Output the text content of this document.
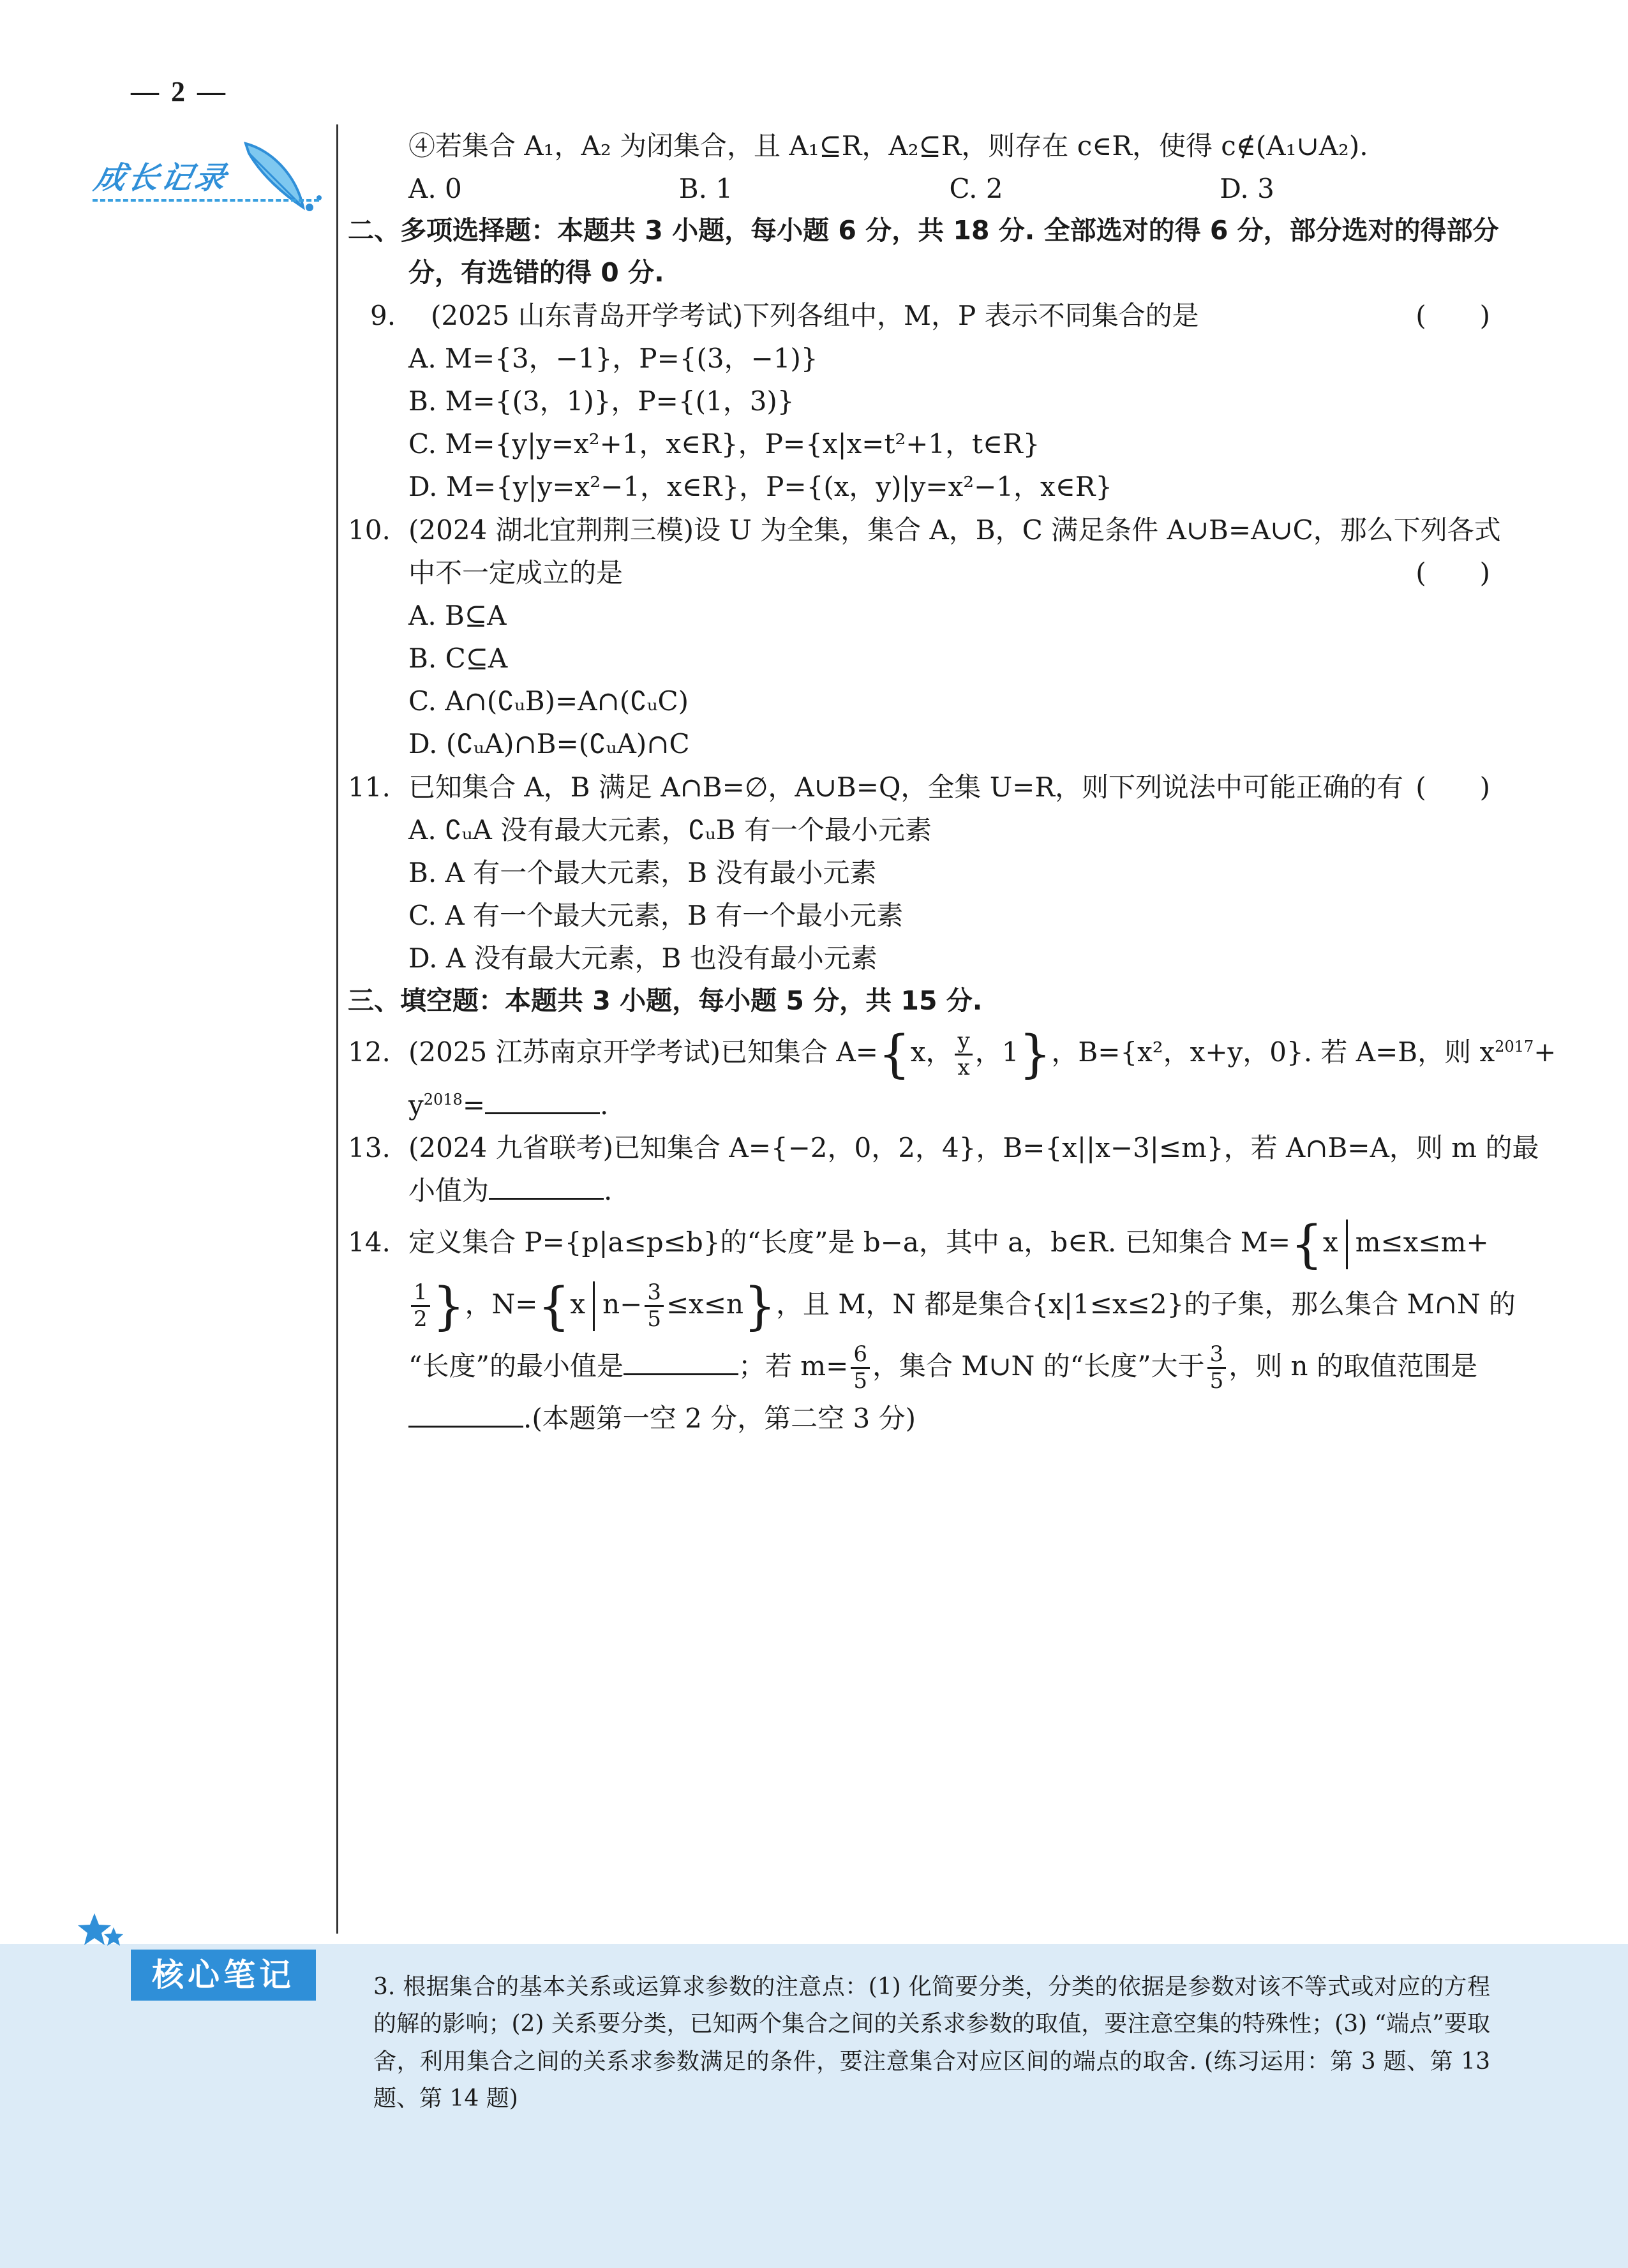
— 2 —
成长记录
④若集合 A₁，A₂ 为闭集合，且 A₁⊆R，A₂⊆R，则存在 c∈R，使得 c∉(A₁∪A₂).
A. 0	B. 1	C. 2	D. 3
二、多项选择题：本题共 3 小题，每小题 6 分，共 18 分. 全部选对的得 6 分，部分选对的得部分
分，有选错的得 0 分.
9. (2025 山东青岛开学考试)下列各组中，M，P 表示不同集合的是	(　　)
A. M={3，−1}，P={(3，−1)}
B. M={(3，1)}，P={(1，3)}
C. M={y|y=x²+1，x∈R}，P={x|x=t²+1，t∈R}
D. M={y|y=x²−1，x∈R}，P={(x，y)|y=x²−1，x∈R}
10. (2024 湖北宜荆荆三模)设 U 为全集，集合 A，B，C 满足条件 A∪B=A∪C，那么下列各式
中不一定成立的是	(　　)
A. B⊆A
B. C⊆A
C. A∩(∁ᵤB)=A∩(∁ᵤC)
D. (∁ᵤA)∩B=(∁ᵤA)∩C
11. 已知集合 A，B 满足 A∩B=∅，A∪B=Q，全集 U=R，则下列说法中可能正确的有 (　　)
A. ∁ᵤA 没有最大元素，∁ᵤB 有一个最小元素
B. A 有一个最大元素，B 没有最小元素
C. A 有一个最大元素，B 有一个最小元素
D. A 没有最大元素，B 也没有最小元素
三、填空题：本题共 3 小题，每小题 5 分，共 15 分.
12. (2025 江苏南京开学考试)已知集合 A={x， $\frac{y}{x}$ ，1}，B={x²，x+y，0}. 若 A=B，则 $x^{2017}+$
$y^{2018}=$	.
13. (2024 九省联考)已知集合 A={−2，0，2，4}，B={x||x−3|≤m}，若 A∩B=A，则 m 的最
小值为	.
14. 定义集合 P={p|a≤p≤b}的“长度”是 b−a，其中 a，b∈R. 已知集合 M={x m≤x≤m+
$\frac{1}{2}$ }，N={x $n- \frac{3}{5} \le x\le n$}，且 M，N 都是集合{x|1≤x≤2}的子集，那么集合 M∩N 的
“长度”的最小值是	；若 $m= \frac{6}{5}$ ，集合 M∪N 的“长度”大于 $\frac{3}{5}$ ，则 n 的取值范围是
.(本题第一空 2 分，第二空 3 分)
核心笔记	3. 根据集合的基本关系或运算求参数的注意点：(1) 化简要分类，分类的依据是参数对该不等式或对应的方程的解的影响；(2) 关系要分类，已知两个集合之间的关系求参数的取值，要注意空集的特殊性；(3) “端点”要取舍，利用集合之间的关系求参数满足的条件，要注意集合对应区间的端点的取舍. (练习运用：第 3 题、第 13 题、第 14 题)
